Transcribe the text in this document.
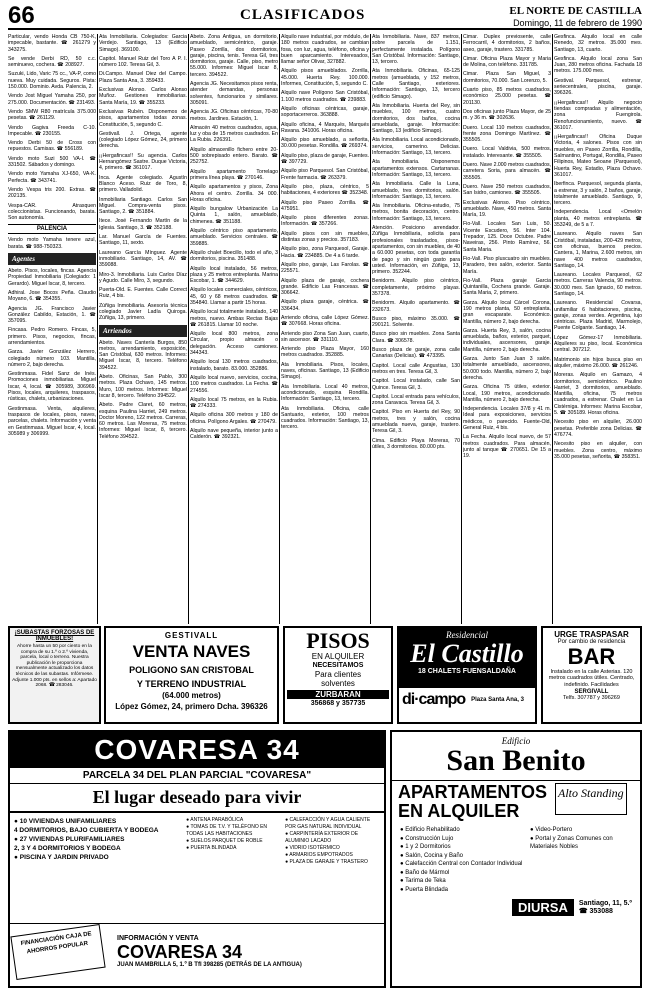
66	CLASIFICADOS	EL NORTE DE CASTILLA
Domingo, 11 de febrero de 1990
Particular, vendo Honda CB 750-K, impecable, bastante. ☎ 261279 y 343275.
Se vende Derbi RD, 50 c.c. seminuevo, cochera. ☎ 208927.
Suzuki, Lido, Varic 75 cc., VA-P, como nueva. Muy cuidada. Seguros. Pista: 150.000. Dominio. Avda. Palencia, 2.
Vendo Jost Miguel Yamaha 250, por 275.000. Documentación. ☎ 231493.
Vendo SMW R80 matrícula 375.000 pesetas. ☎ 261129.
Vendo Gagiva Freeda C-10. Impecable. ☎ 230155.
Vendo Derbi 50 de Cross con repuestos. Camisas. ☎ 556189.
Vendo moto Suzi 500 VA-I. ☎ 331502. Sábados y domingo.
Vendo moto Yamaha XJ-650, VA-K. Perfecta. ☎ 343741.
Vendo Vespa tris 200. Extras. ☎ 202135.
Vespa-CAR. Atrasquen coleccionistas. Funcionando, barata. Son autonomía.
PALENCIA
Vendo moto Yamaha tenere azul, barata. ☎ 988-750323.
Agentes
Abeto. Pisos, locales, fincas. Agencia Propiedad Inmobiliaria (Colegiado: 1 Gerardo). Miguel Iscar, 8, tercero.
Adhiral. Jose Bocos Peña. Claudio Moyano, 6. ☎ 354355.
Agencia JG. Francisco Javier González Cabildo, Estación, 1. ☎ 357095.
Fincasa. Pedro Romero. Fincas, 5, primero. Pisos, negocios, fincas, arrendamientos.
Garza. Javier González Herrero, colegiado número 103. Mantilla, número 2, bajo derecha.
Gestinmasa. Fidel Sanz de Inés. Promociones inmobiliarias. Miguel Iscar, 4, local. ☎ 305989, 306969. Pisos, locales, arquileres, traspasos, rústicas, chalets, urbanizaciones.
Gestinmasa. Venta, alquileres, traspasos de locales, pisos, naves, parcelas, chalets. Información y venta en Gestinmasa. Miguel Iscar, 4, local. 305989 y 306999.
Ata Inmobiliaria. Colegiados: Garcia Verdejo. Santiago, 13 (Edificio Simago). 369100.
Capitol. Manuel Ruiz del Toro A P. I. número 102. Teresa Gil, 3.
Di.Campo. Manuel Diez del Campo. Plaza Santa Ana, 3. 359433.
Exclusivas Alonso. Carlos Alonso Muñoz. Gestiones inmobiliarias. Santa María, 19. ☎ 355233.
Exclusivas Rubén. Disponemos de pisos, apartamentos todas zonas. Constitución, 5, segundo C.
Gestivall. J. Ortega, agente (colegiado López Gómez, 24, primero derecha.
¡¡Hergafincas!! Su agencia. Carlos Hernangómez Sastre. Duque Victoria, 4, primero. ☎ 361017.
Inca. Agente colegiado. Agustín Blanco Aceso. Ruiz de Toro, 8, primero. Valladolid.
Inmobiliaria Santiago. Carlos San Miguel. Compra-venta pisos. Santiago, 2. ☎ 351884.
Itece. José Fernando Martín de la Iglesia. Santiago, 3. ☎ 352188.
Lar. Manuel García de Fuentes. Santiago, 11, sexto.
Laureano García Mínguez. Agente inmobiliario. Santiago, 14, AV. ☎ 359088.
Miro-3. Inmobiliaria. Luis Carlos Díaz y Agudo. Calle Miro, 3, segundo.
Puerta-Old. E. Fuentes. Calle Correct Ruiz, 4 bis.
Zúñiga Inmobiliaria. Asesoría técnica colegiado Javier Ladía Quiroga. Zúñiga, 13, primero.
Arriendos
Abeto. Naves Cantería Burgos, 850 metros, arrendamiento, exposición, San Cristóbal, 630 metros. Informes: Miguel Iscar, 8, tercero. Teléfono 394522.
Abeto. Oficinas, San Pablo, 300 metros. Plaza Ochavo, 145 metros. Muro, 100 metros. Informes: Miguel Iscar 8, tercero. Teléfono 394522.
Abeto. Padre Claret, 60 metros, esquina Paulina Harriet, 249 metros. Doctor Moreno, 122 metros. Carreras, 60 metros. Las Moreras, 75 metros. Informes: Miguel Iscar, 8, tercero. Teléfono 394522.
Abeto. Zona Antigua, un dormitorio, amueblado, semicéntrico, garaje. Paseo Zorrilla, dos dormitorios, garaje, piscina, tenis. Teresa Gil, tres dormitorios, garaje. Calle, piso, metro 55.000. Informes: Miguel Iscar 8, tercero. 394522.
Agencia JG. Necesitamos pisos renta, atender demandas, personas solventes, funcionarios y similares. 305091.
Agencia JG. Oficinas céntricas, 70-80 metros. Jardines. Estación, 1.
Almacén 40 metros cuadrados, agua, luz y oba de 15 metros cuadrados. En La Rubia. 226391.
Alquilo almacenillo fichero entre 20-500 sobrepisado entero. Barato. ☎ 252752.
Alquilo apartamento Torrelago primera línea playa. ☎ 270146.
Alquilo apartamentos y pisos, Zona Ahora el centro. Zorrilla. 34 000. Horas oficina.
Alquilo bungalow Urbanización La Quinta 1, salón, amueblado, chimenea. ☎ 351188.
Alquilo céntrico piso apartamento, amueblado. Servicios centrales. ☎ 359885.
Alquilo chalet Boecillo, todo el año, 3 dormitorios, piscina. 351488.
Alquilo local instalado, 56 metros, plaza y 25 metros entreplanta. Marina Escobar, 1. ☎ 344629.
Alquilo locales comerciales, céntricos, 45, 60 y 68 metros cuadrados. ☎ 354840. Llamar a partir 15 horas.
Alquilo local totalmente instalado, 140 metros, nuevo. Ambas Rectas Bajas ☎ 261815. Llamar 10 noche.
Alquilo local 800 metros, zona Circular, propio almacén o delegación. Acceso camiones. 344343.
Alquilo local 130 metros cuadrados, instalado, barato. 83.000. 352886.
Alquilo local nuevo, servicios, cocina, 100 metros cuadrados. La Fecha. ☎ 274556.
Alquilo local 75 metros, en la Rubia. ☎ 274333.
Alquilo oficina 300 metros y 180 de oficina. Polígono Argales. ☎ 270479.
Alquilo nave pequeña, interior junto a Calderón. ☎ 392321.
Alquilo nave industrial, por módulo, de 180 metros cuadrados, se cambian fosa, con luz, agua, teléfono, oficina y buen aparcamiento. Interesados, llamar señor Olivar, 327882.
Alquilo pisos amueblados. Zorrilla, 45.000. Huerta Rey. 100.000. Informes, Constitución, 5, segundo C.
Alquilo nave Polígono San Cristóbal, 1.100 metros cuadrados. ☎ 239883.
Alquilo oficinas céntricas, garaje, soportacerreros. 363888.
Alquilo oficina, 4 Marqués, Marqués Ravana. 341006. Horas oficina.
Alquilo piso amueblado, a señorita, 30.000 pesetas. Rondilla. ☎ 269374.
Alquilo piso, plaza de garaje, Fuentes. ☎ 397729.
Alquilo piso Parquesol. San Cristóbal, Frente farmacia. ☎ 263379.
Alquilo piso, plaza, céntrico, 5 habitaciones, 4 exteriores ☎ 352348.
Alquilo piso Paseo Zorrilla. ☎ 475951.
Alquilo pisos diferentes zonas. Información. ☎ 357266.
Alquilo pisos con sin muebles, distintas zonas y precios. 357183.
Alquilo piso, zona Parquesol, Garaje. Hacia. ☎ 234885. De 4 a 6 tarde.
Alquilo piso, garaje, Las Farolas. ☎ 225571.
Alquilo plaza de garaje, cochera grande. Edificio Las Francesas. ☎ 306642.
Alquilo plaza garaje, céntrica. ☎ 336434.
Arriendo oficina, calle López Gómez. ☎ 307668. Horas oficina.
Arriendo piso Zona San Juan, cuarto, sin ascensor. ☎ 331110.
Arriendo piso Plaza Mayor, 160 metros cuadrados. 352885.
Ata Inmobiliaria. Pisos, locales, naves, oficinas. Santiago, 13 (Edificio Simago).
Ata Inmobiliaria. Local 40 metros, acondicionado, esquina Rondilla. Información: Santiago, 13, tercero.
Ata Inmobiliaria. Oficina, calle Santuario, exterior, 100 metros cuadrados. Información: Santiago, 13, tercero.
Ata Inmobiliaria. Nave, 837 metros, sobre parcela de 1.151, perfectamente instalada. Polígono San Cristóbal. Información: Santiago, 13, tercero.
Ata Inmobiliaria. Oficinas, 65-125 metros (amueblada, y 152 metros, Calle Santiago, exteriores. Información: Santiago, 13, tercero (edificio Simago).
Ata Inmobiliaria. Huerta del Rey, sin muebles, 100 metros, cuatro dormitorios, dos baños, cocina amueblada, garaje. Información: Santiago, 13 (edificio Simago).
Ata Inmobiliaria. Local acondicionado, servicios, camerino. Delicias. Información: Santiago, 13, tercero.
Ata Inmobiliaria. Disponemos apartamentos extensos. Cartarranas. Información: Santiago, 13, tercero.
Ata Inmobiliaria. Calle la Luna, amueblado, tres dormitorios, salón. Información: Santiago, 13, tercero.
Ata Inmobiliaria. Oficina-estudio, 75 metros, bonita decoración, centro. Información: Santiago, 13, tercero.
Atención. Posiciono arrendador. Zúñiga Inmobiliaria, solicita para profesionales trasladados, pisos-apartamentos, con sin muebles, de 40 a 60.000 pesetas, con toda garantía de pago y sin ningún gasto para usted. Información, en Zúñiga, 13, primero. 352244.
Benidorm. Alquilo piso céntrico, completamente, próximo playas. 357378.
Benidorm. Alquilo apartamento. ☎ 232673.
Busco piso, máximo 35.000. ☎ 290121. Solvente.
Busco piso sin muebles. Zona Santa Clara. ☎ 306578.
Busco plaza de garaje, zona calle Canarias (Delicias). ☎ 473395.
Capitol. Local calle Angustias, 130 metros en tres. Teresa Gil, 3.
Capitol. Local instalado, calle San Quince. Teresa Gil, 3.
Capitol. Local entrada para vehículos, zona Caravaca. Teresa Gil, 3.
Capitol. Piso en Huerta del Rey, 90 metros, tres y salón, cocina amueblada nueva, garaje, trastero. Teresa Gil, 3.
Cima. Edificio Playa Moreras, 70 útiles, 3 dormitorios. 80.000 pts.
Cimar. Duplex previosente, calle Ferrocarril, 4 dormitorios, 2 baños, aseo, garaje, trastero. 331785.
Cimar. Oficina Plaza Mayor y Maria de Molina, con teléfono. 331785.
Cimar. Plaza San Miguel, 3 dormitorios, 70.000. San Lorenzo, 5.
Cuarto piso, 85 metros cuadrados, económico 25.000 pesetas. ☎ 201130.
Dos oficinas junto Plaza Mayor, de 25 m. y 36 m. ☎ 302636.
Duero. Local 110 metros cuadrados, frente zona Domingo Martínez. ☎ 355505.
Duero. Local Valdivia, 500 metros, instalado. Interesante. ☎ 355505.
Duero. Nave 2.000 metros cuadrados, carretera Soria, para almacén. ☎ 355505.
Duero. Nave 250 metros cuadrados, San Isidro, camiones. ☎ 355505.
Exclusivas Alonso. Piso céntrico, amueblado. Nave, 450 metros. Santa María, 19.
Fio-Vall. Locales San Luis, 50. Vicente Escudero, 56. Inter 104. Trepador, 125. Doce Octubre. Padre Naveiras, 256. Pinto Ramírez, 56. Santa Maria.
Fio-Vall. Piso pluscuatro sin muebles. Paradero, tres salón, exterior. Santa María.
Fio-Vall. Plaza garaje Garcia Quintanilla, Cochera grande. Garaje. Santa Maria, 2, primero.
Garza. Alquilo local Cárcel Corona, 190 metros planta, 50 entreplanta, gran escaparate. Económico. Mantilla, número 2, bajo derecha.
Garza. Huerta Rey, 3, salón, cocina amueblada, baños, exterior, parquet, individuales, ascensores, garaje. Mantilla, número 2, bajo derecha.
Garza. Junto San Juan 3 salón, totalmente amueblado, ascensores, 50.000 todo. Mantilla, número 2, bajo derecha.
Garza. Oficina 75 útiles, exterior. Local, 190 metros, acondicionado. Mantilla, número 2, bajo derecha.
Independencia. Locales 37/8 y 41 m. Ideal para exposiciones, servicios médicos, o parecido. Fuente-Old, General Ruiz, 4 bis.
La Fecha. Alquilo local nuevo, de 57 metros cuadrados. Para almacén, junto al tanque ☎ 270651. De 15 a 19.
Gesfinca. Alquilo local en calle Renedo, 32 metros. 35.000 mes. Santiago, 13, cuarto.
Gesfinca. Alquilo local zona San Juan, 280 metros oficina. Fachada 18 metros. 175.000 mes.
Gestival. Parquesol, estrenar, seriecentrales, piscina, garaje. 396326.
¡¡Hergafincas!! Alquilo negocio tiendas compradas y alimentación, zona Fuengirola. Renofuncionamiento, nuevo. ☎ 361017.
¡¡Hergafincas!! Oficina Duque Victoria, 4 salones. Pisos con sin muebles, en Paseo Zorrilla, Rondilla, Salmantino, Portugal, Rondilla, Paseo Filipinos, Mateo Seoane (Parquesol), Huerta Rey, Estadio, Plaza Ochavo. 361017.
Iberfinca. Parquesol, segunda planta, a estrenar, 3 y salón, 2 baños, garaje, totalmente amueblado. Santiago, 9, tercero.
Independencia. Local «Omelón planta, 40 metros entreplanta. ☎ 353249, de 5 a 7.
Laureano. Alquilo naves San Cristóbal, instaladas, 200-429 metros, con oficinas, buenos precios. Cantera, 1, Marina, 2.600 metros, sin nave 400 metros cuadrados, Santiago, 14.
Laureano. Locales Parquesol, 62 metros. Carreras Valencia, 90 metros. 30.000 mes. San Ignacio, 60 metros. Santiago, 14.
Laureano. Residencial Covarsa, unifamiliar 6 habitaciones, piscina, garaje, zonas verdes. Argentina, lujo céntricas. Plaza Madrid, Marmolejo, Puente Colgante. Santiago, 14.
López Gómez-17 Inmobiliaria. Alquileres su piso, local. Económica central. 307212.
Matrimonio sin hijos busca piso en alquiler, máximo 26.000. ☎ 261246.
Moreras. Alquilo en Gamazo, 4 dormitorios, semicéntrico. Paulino Harriet, 3 dormitorios, amueblado. Mantilla, oficina, 75 metros cuadrados, a estrenar. Chalet en La Cistérniga. Informes: Marina Escobar, 5. ☎ 305189. Horas oficina.
Necesito piso en alquiler, 26.000 pesetas. Preferible zona Delicias. ☎ 476774.
Necesito piso en alquiler, con muebles. Zona centro, máximo 35.000 pesetas, señorita, ☎ 358351.
¡SUBASTAS FORZOSAS DE INMUEBLES!
Ahorre hasta un 50 por ciento en la compra de su 1.º o 2.º vivienda, parcela, local o terreno. Nuestra publicación le proporciona mensualmente actualizado los datos técnicos de las subastas. Infórmese. Adjunte 1.000 pts. en sellos a: Apartado 2068. ☎ 283046.
GESTIVALL
VENTA NAVES
POLIGONO SAN CRISTOBAL
Y TERRENO INDUSTRIAL
(64.000 metros)
López Gómez, 24, primero Dcha. 396326
PISOS
EN ALQUILER
NECESITAMOS
Para clientes
solventes
ZURBARAN
356868 y 357735
Residencial
El Castillo
18 CHALETS FUENSALDAÑA
di·campo Plaza Santa Ana, 3
URGE TRASPASAR
Por cambio de residencia
BAR
Instalado en la calle Asterias. 120 metros cuadrados útiles. Centrado, indefinido. Facilidades
SERGIVALL
Telfs. 307787 y 396269
COVARESA 34
PARCELA 34 DEL PLAN PARCIAL "COVARESA"
El lugar deseado para vivir
● 10 VIVIENDAS UNIFAMILIARES
4 DORMITORIOS, BAJO CUBIERTA Y BODEGA
● 27 VIVIENDAS PLURIFAMILIARES
2, 3 Y 4 DORMITORIOS Y BODEGA
● PISCINA Y JARDIN PRIVADO
● ANTENA PARABÓLICA
● TOMAS DE T.V. Y TELÉFONO EN TODAS LAS HABITACIONES
● SUELOS PARQUET DE ROBLE
● PUERTA BLINDADA
● CALEFACCIÓN Y AGUA CALIENTE POR GAS NATURAL INDIVIDUAL
● CARPINTERÍA EXTERIOR DE ALUMINIO LACADO
● VIDRIO ISOTÉRMICO
● ARMARIOS EMPOTRADOS
● PLAZA DE GARAJE Y TRASTERO
FINANCIACIÓN CAJA DE AHORROS POPULAR
INFORMACIÓN Y VENTA
COVARESA 34
JUAN MAMBRILLA 5, 1.º B Tfl 398285 (DETRÁS DE LA ANTIGUA)
Edificio
San Benito
APARTAMENTOS
EN ALQUILER
Alto Standing
● Edificio Rehabilitado
● Construcción Lujo
● 1 y 2 Dormitorios
● Salón, Cocina y Baño
● Calefacción Central con Contador Individual
● Baño de Mármol
● Tarima de Teka
● Puerta Blindada
● Video-Portero
● Portal y Zonas Comunes con Materiales Nobles
DIURSA	Santiago, 11, 5.º
☎ 353088
